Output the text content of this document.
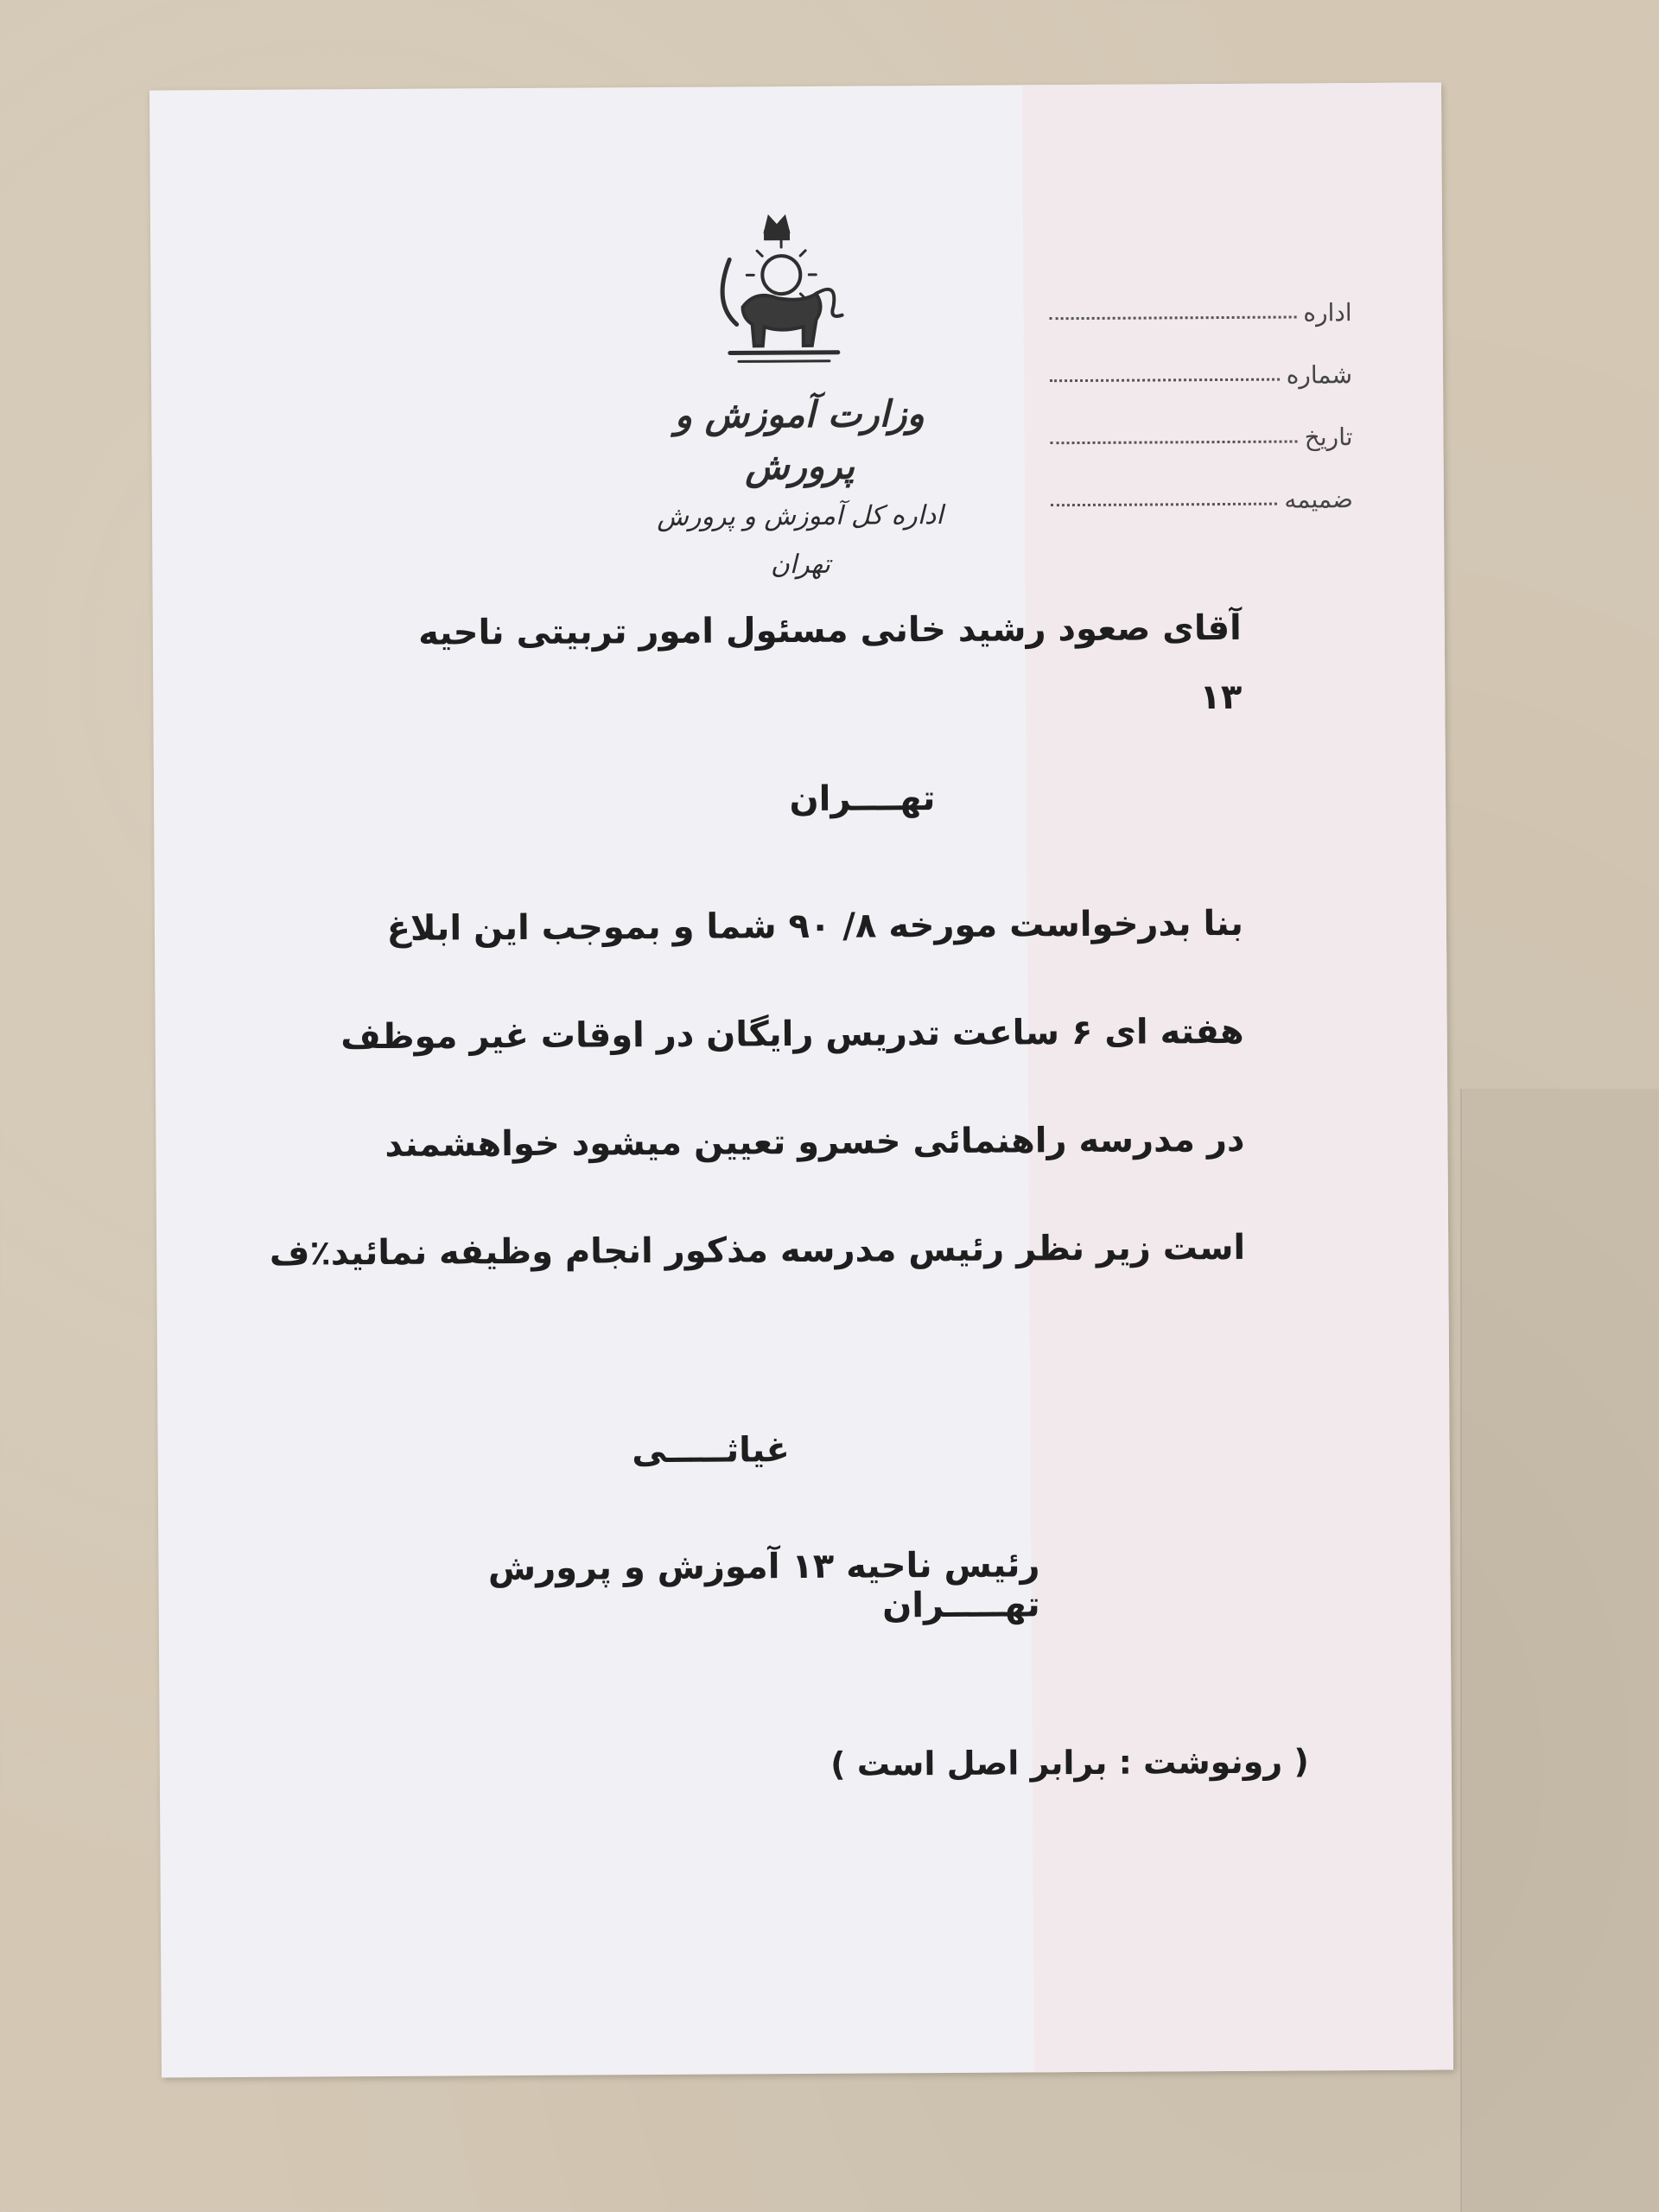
وزارت آموزش و پرورش
اداره کل آموزش و پرورش تهران
اداره
شماره
تاریخ
ضمیمه
آقای صعود رشید خانی مسئول امور تربیتی ناحیه ۱۳
تهــــران
بنا بدرخواست مورخه ۸/ ۹۰ شما و بموجب این ابلاغ
هفته ای ۶ ساعت تدریس رایگان در اوقات غیر موظف
در مدرسه راهنمائی خسرو تعیین میشود خواهشمند
است زیر نظر رئیس مدرسه مذکور انجام وظیفه نمائید٪ف
غیاثـــــی
رئیس ناحیه ۱۳ آموزش و پرورش تهـــــران
( رونوشت : برابر اصل است )
